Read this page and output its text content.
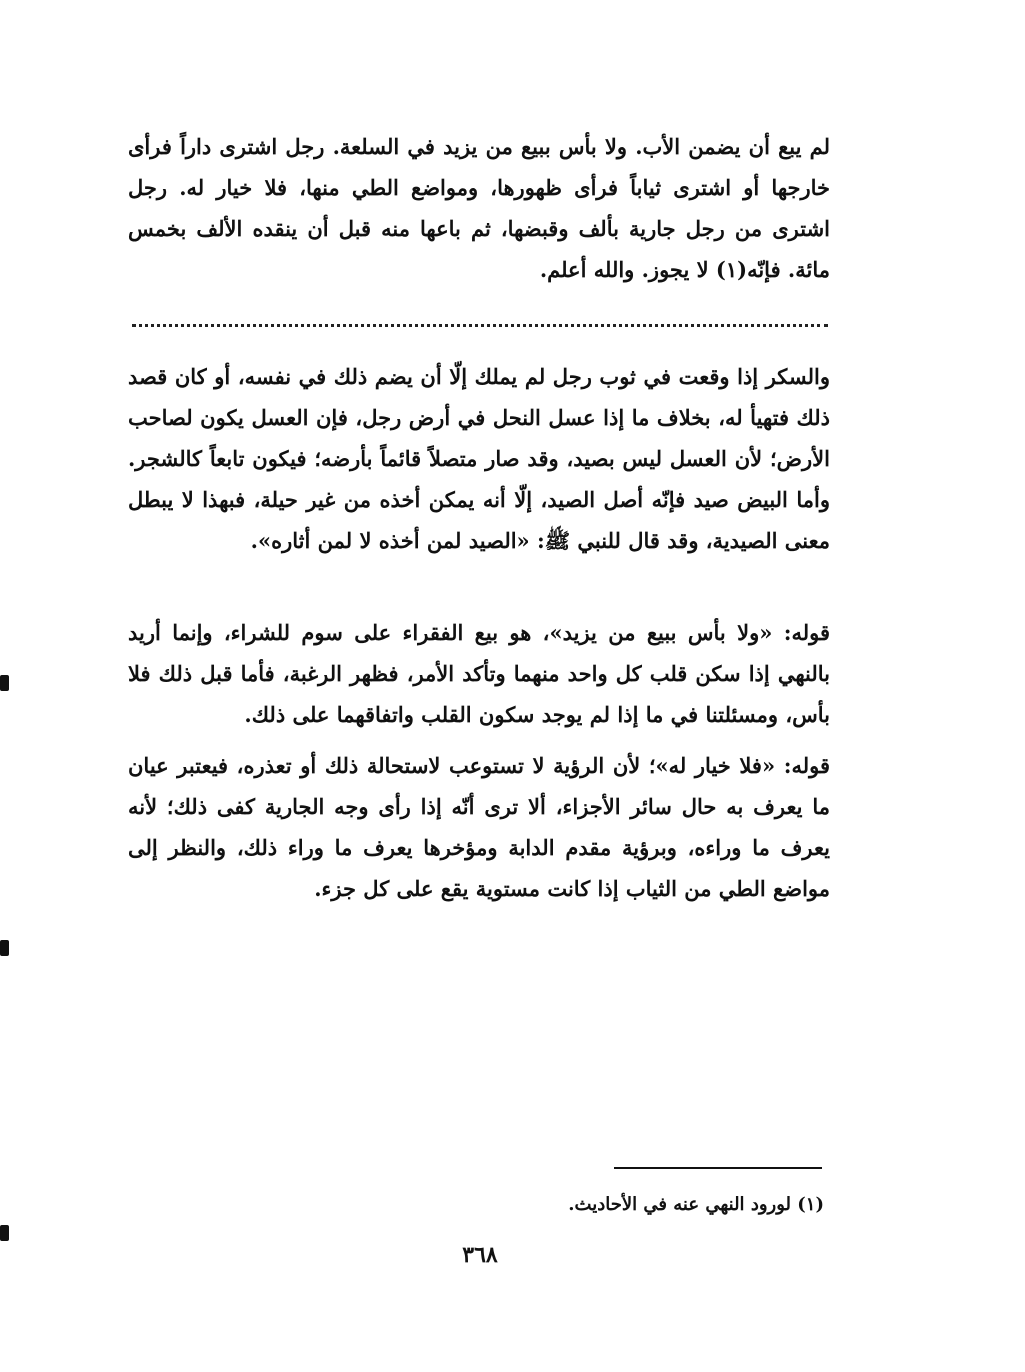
لم يبع أن يضمن الأب. ولا بأس ببيع من يزيد في السلعة. رجل اشترى داراً فرأى خارجها أو اشترى ثياباً فرأى ظهورها، ومواضع الطي منها، فلا خيار له. رجل اشترى من رجل جارية بألف وقبضها، ثم باعها منه قبل أن ينقده الألف بخمس مائة. فإنّه(١) لا يجوز. والله أعلم.

والسكر إذا وقعت في ثوب رجل لم يملك إلّا أن يضم ذلك في نفسه، أو كان قصد ذلك فتهيأ له، بخلاف ما إذا عسل النحل في أرض رجل، فإن العسل يكون لصاحب الأرض؛ لأن العسل ليس بصيد، وقد صار متصلاً قائماً بأرضه؛ فيكون تابعاً كالشجر. وأما البيض صيد فإنّه أصل الصيد، إلّا أنه يمكن أخذه من غير حيلة، فبهذا لا يبطل معنى الصيدية، وقد قال للنبي ﷺ: «الصيد لمن أخذه لا لمن أثاره».

قوله: «ولا بأس ببيع من يزيد»، هو بيع الفقراء على سوم للشراء، وإنما أريد بالنهي إذا سكن قلب كل واحد منهما وتأكد الأمر، فظهر الرغبة، فأما قبل ذلك فلا بأس، ومسئلتنا في ما إذا لم يوجد سكون القلب واتفاقهما على ذلك.

قوله: «فلا خيار له»؛ لأن الرؤية لا تستوعب لاستحالة ذلك أو تعذره، فيعتبر عيان ما يعرف به حال سائر الأجزاء، ألا ترى أنّه إذا رأى وجه الجارية كفى ذلك؛ لأنه يعرف ما وراءه، وبرؤية مقدم الدابة ومؤخرها يعرف ما وراء ذلك، والنظر إلى مواضع الطي من الثياب إذا كانت مستوية يقع على كل جزء.

(١) لورود النهي عنه في الأحاديث.

٣٦٨
